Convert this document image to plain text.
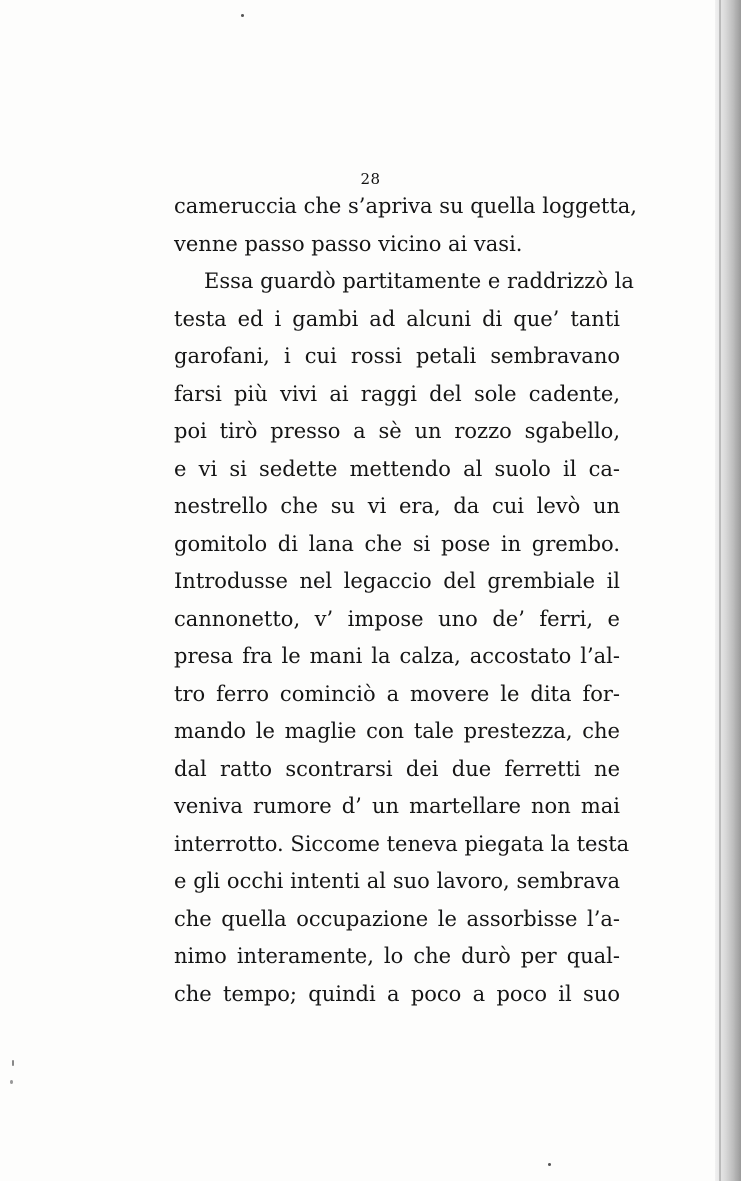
28
cameruccia che s’apriva su quella loggetta,
venne passo passo vicino ai vasi.
Essa guardò partitamente e raddrizzò la
testa ed i gambi ad alcuni di que’ tanti
garofani, i cui rossi petali sembravano
farsi più vivi ai raggi del sole cadente,
poi tirò presso a sè un rozzo sgabello,
e vi si sedette mettendo al suolo il ca-
nestrello che su vi era, da cui levò un
gomitolo di lana che si pose in grembo.
Introdusse nel legaccio del grembiale il
cannonetto, v’ impose uno de’ ferri, e
presa fra le mani la calza, accostato l’al-
tro ferro cominciò a movere le dita for-
mando le maglie con tale prestezza, che
dal ratto scontrarsi dei due ferretti ne
veniva rumore d’ un martellare non mai
interrotto. Siccome teneva piegata la testa
e gli occhi intenti al suo lavoro, sembrava
che quella occupazione le assorbisse l’a-
nimo interamente, lo che durò per qual-
che tempo; quindi a poco a poco il suo
